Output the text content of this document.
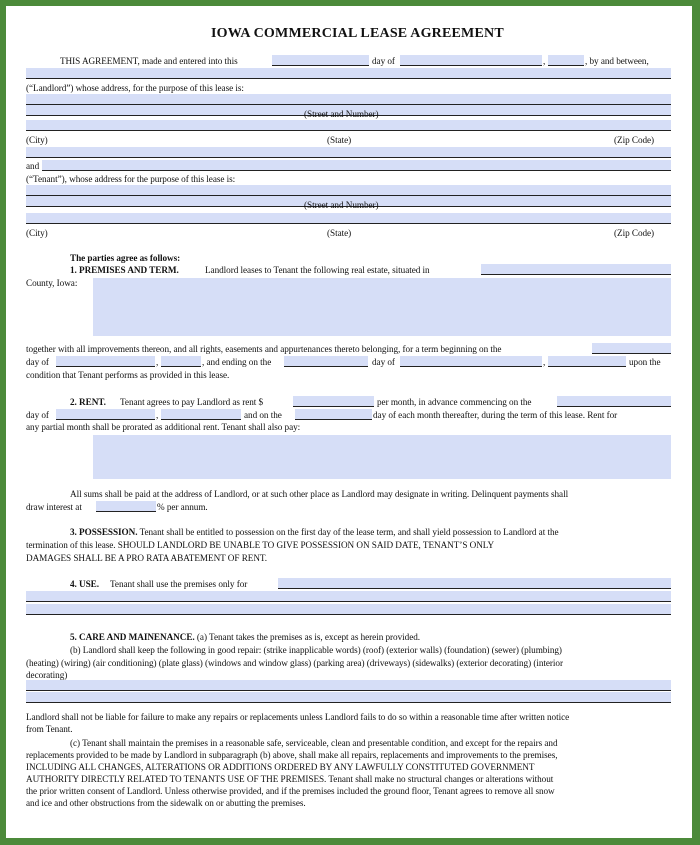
IOWA COMMERCIAL LEASE AGREEMENT
THIS AGREEMENT, made and entered into this	day of	,	, by and between,
(“Landlord”) whose address, for the purpose of this lease is:
(Street and Number)
(City)	(State)	(Zip Code)
and
(“Tenant”), whose address for the purpose of this lease is:
(Street and Number)
(City)	(State)	(Zip Code)
The parties agree as follows:
1. PREMISES AND TERM.	Landlord leases to Tenant the following real estate, situated in
County, Iowa:
together with all improvements thereon, and all rights, easements and appurtenances thereto belonging, for a term beginning on the
day of	,	, and ending on the	day of	,	upon the
condition that Tenant performs as provided in this lease.
2. RENT. Tenant agrees to pay Landlord as rent $	per month, in advance commencing on the
day of	,	and on the	day of each month thereafter, during the term of this lease. Rent for
any partial month shall be prorated as additional rent. Tenant shall also pay:
All sums shall be paid at the address of Landlord, or at such other place as Landlord may designate in writing. Delinquent payments shall
draw interest at	% per annum.
3. POSSESSION. Tenant shall be entitled to possession on the first day of the lease term, and shall yield possession to Landlord at the
termination of this lease. SHOULD LANDLORD BE UNABLE TO GIVE POSSESSION ON SAID DATE, TENANT’S ONLY
DAMAGES SHALL BE A PRO RATA ABATEMENT OF RENT.
4. USE. Tenant shall use the premises only for
5. CARE AND MAINENANCE. (a) Tenant takes the premises as is, except as herein provided.
(b) Landlord shall keep the following in good repair: (strike inapplicable words) (roof) (exterior walls) (foundation) (sewer) (plumbing)
(heating) (wiring) (air conditioning) (plate glass) (windows and window glass) (parking area) (driveways) (sidewalks) (exterior decorating) (interior
decorating)
Landlord shall not be liable for failure to make any repairs or replacements unless Landlord fails to do so within a reasonable time after written notice
from Tenant.
(c) Tenant shall maintain the premises in a reasonable safe, serviceable, clean and presentable condition, and except for the repairs and
replacements provided to be made by Landlord in subparagraph (b) above, shall make all repairs, replacements and improvements to the premises,
INCLUDING ALL CHANGES, ALTERATIONS OR ADDITIONS ORDERED BY ANY LAWFULLY CONSTITUTED GOVERNMENT
AUTHORITY DIRECTLY RELATED TO TENANTS USE OF THE PREMISES. Tenant shall make no structural changes or alterations without
the prior written consent of Landlord. Unless otherwise provided, and if the premises included the ground floor, Tenant agrees to remove all snow
and ice and other obstructions from the sidewalk on or abutting the premises.
